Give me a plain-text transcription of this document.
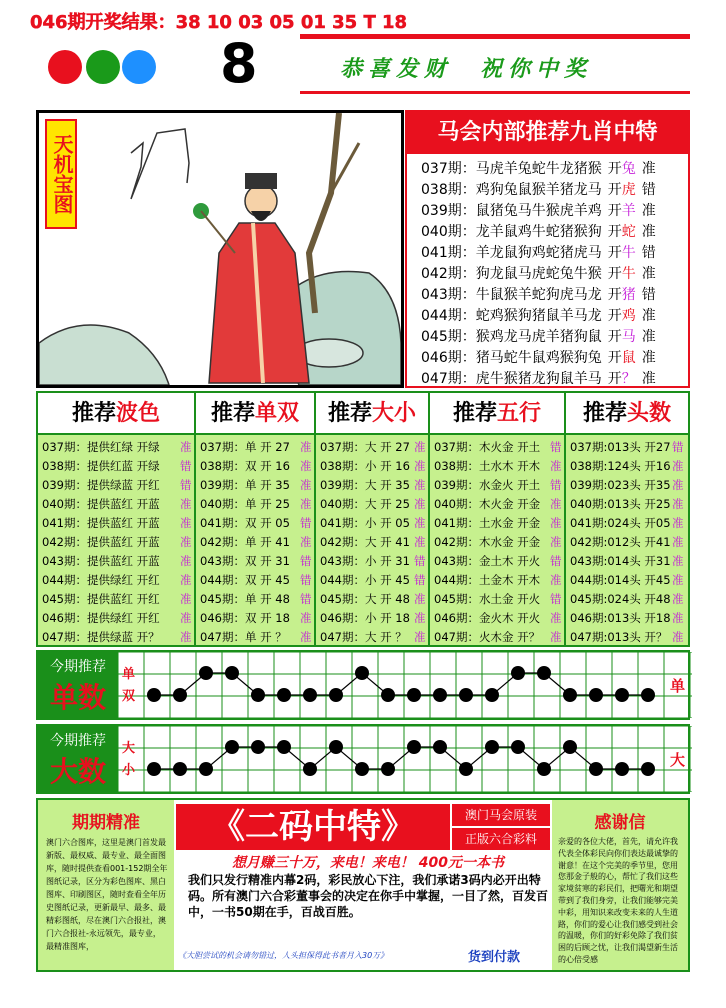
046期开奖结果：38 10 03 05 01 35 T 18
8	恭喜发财　祝你中奖
天机宝图
马会内部推荐九肖中特
037期：马虎羊兔蛇牛龙猪猴 开兔 准
038期：鸡狗兔鼠猴羊猪龙马 开虎 错
039期：鼠猪兔马牛猴虎羊鸡 开羊 准
040期：龙羊鼠鸡牛蛇猪猴狗 开蛇 准
041期：羊龙鼠狗鸡蛇猪虎马 开牛 错
042期：狗龙鼠马虎蛇兔牛猴 开牛 准
043期：牛鼠猴羊蛇狗虎马龙 开猪 错
044期：蛇鸡猴狗猪鼠羊马龙 开鸡 准
045期：猴鸡龙马虎羊猪狗鼠 开马 准
046期：猪马蛇牛鼠鸡猴狗兔 开鼠 准
047期：虎牛猴猪龙狗鼠羊马 开？ 准
推荐波色
037期：提供红绿 开绿 准
038期：提供红蓝 开绿 错
039期：提供绿蓝 开红 错
040期：提供蓝红 开蓝 准
041期：提供蓝红 开蓝 准
042期：提供蓝红 开蓝 准
043期：提供蓝红 开蓝 准
044期：提供绿红 开红 准
045期：提供蓝红 开红 准
046期：提供绿红 开红 准
047期：提供绿蓝 开？ 准
推荐单双
037期：单 开 27 准
038期：双 开 16 准
039期：单 开 35 准
040期：单 开 25 准
041期：双 开 05 错
042期：单 开 41 准
043期：双 开 31 错
044期：双 开 45 错
045期：单 开 48 错
046期：双 开 18 准
047期：单 开 ？ 准
推荐大小
037期：大 开 27 准
038期：小 开 16 准
039期：大 开 35 准
040期：大 开 25 准
041期：小 开 05 准
042期：大 开 41 准
043期：小 开 31 错
044期：小 开 45 错
045期：大 开 48 准
046期：小 开 18 准
047期：大 开 ？ 准
推荐五行
037期：木火金 开土 错
038期：土水木 开木 准
039期：水金火 开土 错
040期：木火金 开金 准
041期：土水金 开金 准
042期：木水金 开金 准
043期：金土木 开火 错
044期：土金木 开木 准
045期：水土金 开火 错
046期：金火木 开火 准
047期：火木金 开？ 准
推荐头数
037期:013头 开27 错
038期:124头 开16 准
039期:023头 开35 准
040期:013头 开25 准
041期:024头 开05 准
042期:012头 开41 准
043期:014头 开31 准
044期:014头 开45 准
045期:024头 开48 准
046期:013头 开18 准
047期:013头 开？ 准
今期推荐
单数
单
双
单
今期推荐
大数
大
小
大
期期精准
澳门六合图库，这里是澳门首发最新版、最权威、最专业、最全面图库，随时提供查看001-152期全年图纸记录，区分为彩色图库、黑白图库、印刷图区，随时查看全年历史图纸记录，更新最早、最多、最精彩图纸，尽在澳门六合报社，澳门六合报社-永远领先，最专业，最精准图库，
《二码中特》	澳门马会原装
正版六合彩料
想月赚三十万，来电！来电！ 400元一本书
我们只发行精准内幕2码，彩民放心下注，我们承诺3码内必开出特码。所有澳门六合彩董事会的决定在你手中掌握，一目了然，百发百中，一书50期在手，百战百胜。
《大胆尝试的机会请勿错过，人头担保得此书者月入30万》	货到付款
感谢信
亲爱的各位大佬，首先，请允许我代表全体彩民向你们表达最诚挚的谢意！在这个完美的季节里，您用您那金子般的心，帮忙了我们这些家境贫寒的彩民们，把曙光和期望带到了我们身旁，让我们能够完美中彩，用知识来改变未来的人生道路，你们的爱心让我们感受到社会的温暖，你们的好彩免除了我们贫困的后顾之忧，让我们渴望新生活的心倍受感
